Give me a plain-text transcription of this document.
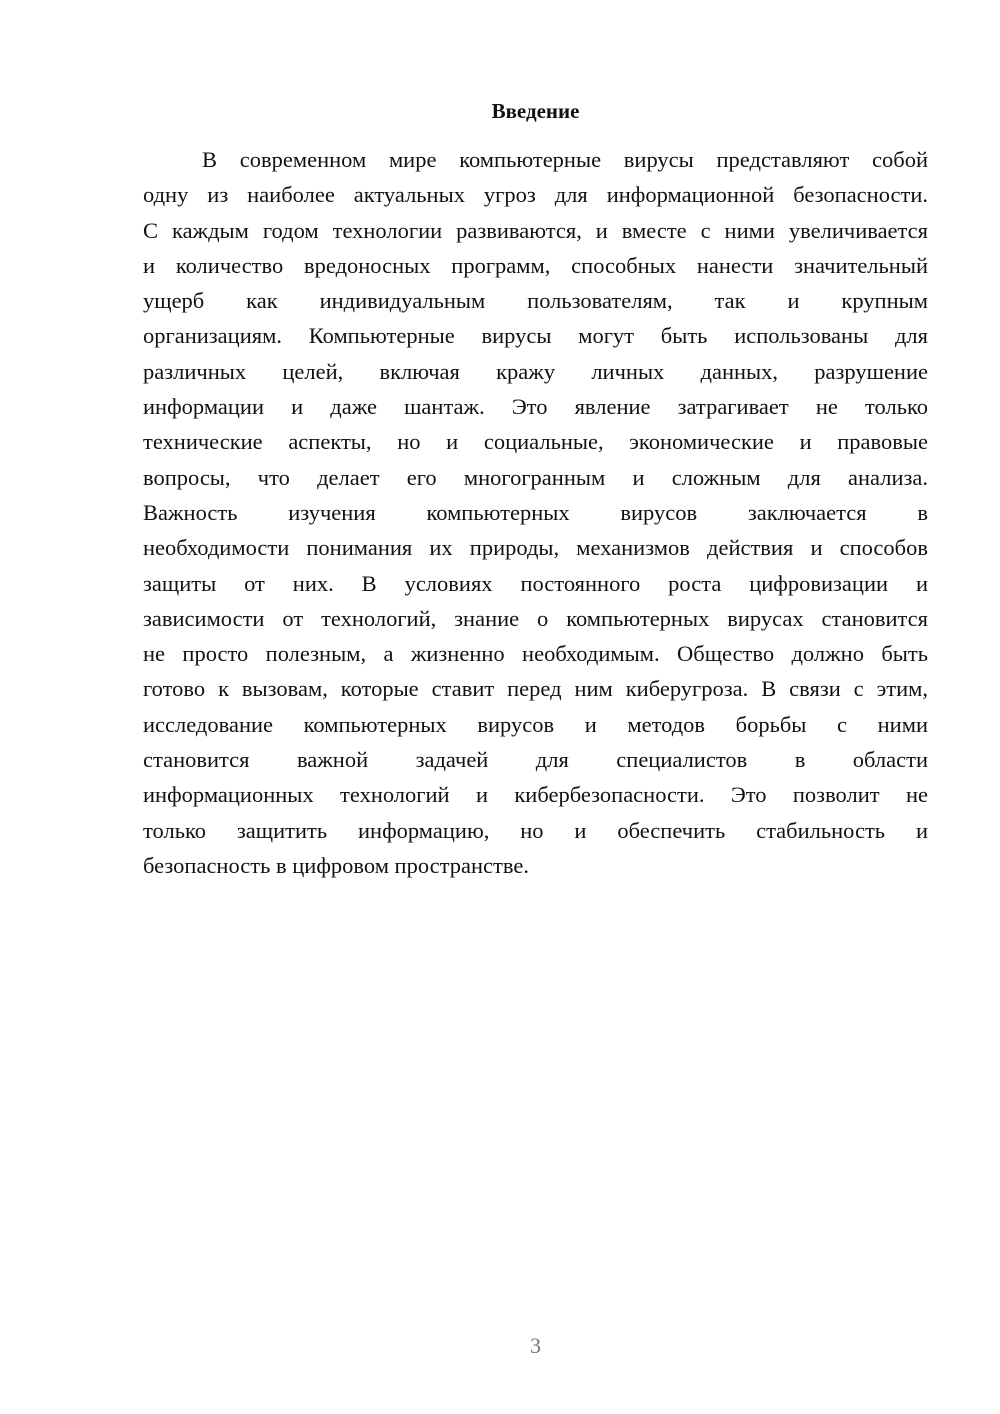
Введение
В современном мире компьютерные вирусы представляют собой
одну из наиболее актуальных угроз для информационной безопасности.
С каждым годом технологии развиваются, и вместе с ними увеличивается
и количество вредоносных программ, способных нанести значительный
ущерб как индивидуальным пользователям, так и крупным
организациям. Компьютерные вирусы могут быть использованы для
различных целей, включая кражу личных данных, разрушение
информации и даже шантаж. Это явление затрагивает не только
технические аспекты, но и социальные, экономические и правовые
вопросы, что делает его многогранным и сложным для анализа.
Важность изучения компьютерных вирусов заключается в
необходимости понимания их природы, механизмов действия и способов
защиты от них. В условиях постоянного роста цифровизации и
зависимости от технологий, знание о компьютерных вирусах становится
не просто полезным, а жизненно необходимым. Общество должно быть
готово к вызовам, которые ставит перед ним киберугроза. В связи с этим,
исследование компьютерных вирусов и методов борьбы с ними
становится важной задачей для специалистов в области
информационных технологий и кибербезопасности. Это позволит не
только защитить информацию, но и обеспечить стабильность и
безопасность в цифровом пространстве.
3
